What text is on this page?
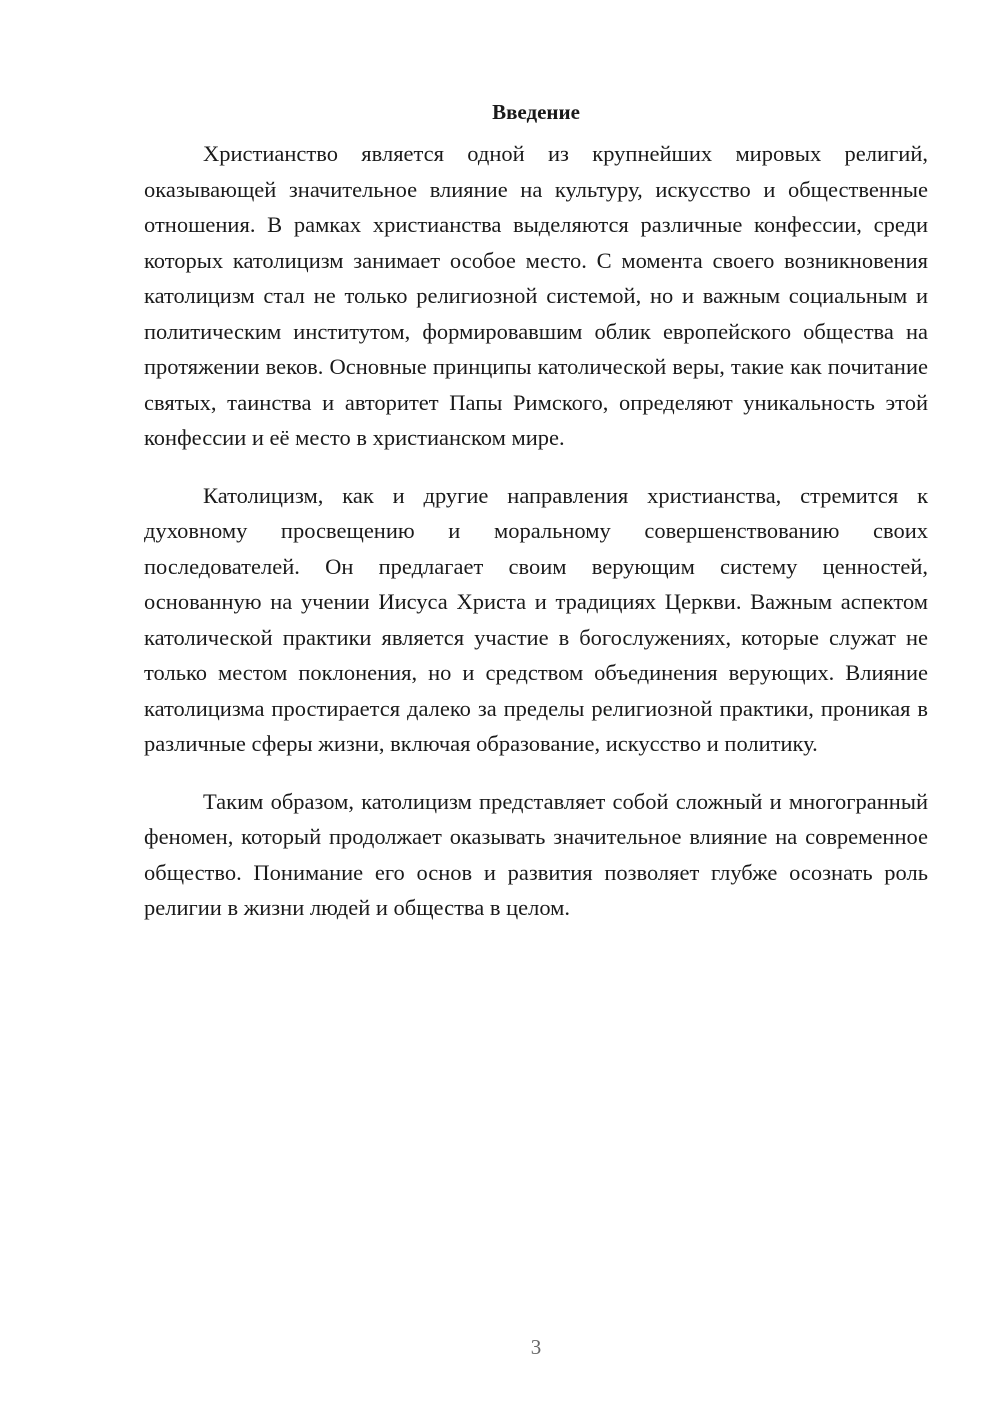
Введение

Христианство является одной из крупнейших мировых религий, оказывающей значительное влияние на культуру, искусство и общественные отношения. В рамках христианства выделяются различные конфессии, среди которых католицизм занимает особое место. С момента своего возникновения католицизм стал не только религиозной системой, но и важным социальным и политическим институтом, формировавшим облик европейского общества на протяжении веков. Основные принципы католической веры, такие как почитание святых, таинства и авторитет Папы Римского, определяют уникальность этой конфессии и её место в христианском мире.

Католицизм, как и другие направления христианства, стремится к духовному просвещению и моральному совершенствованию своих последователей. Он предлагает своим верующим систему ценностей, основанную на учении Иисуса Христа и традициях Церкви. Важным аспектом католической практики является участие в богослужениях, которые служат не только местом поклонения, но и средством объединения верующих. Влияние католицизма простирается далеко за пределы религиозной практики, проникая в различные сферы жизни, включая образование, искусство и политику.

Таким образом, католицизм представляет собой сложный и многогранный феномен, который продолжает оказывать значительное влияние на современное общество. Понимание его основ и развития позволяет глубже осознать роль религии в жизни людей и общества в целом.

3
